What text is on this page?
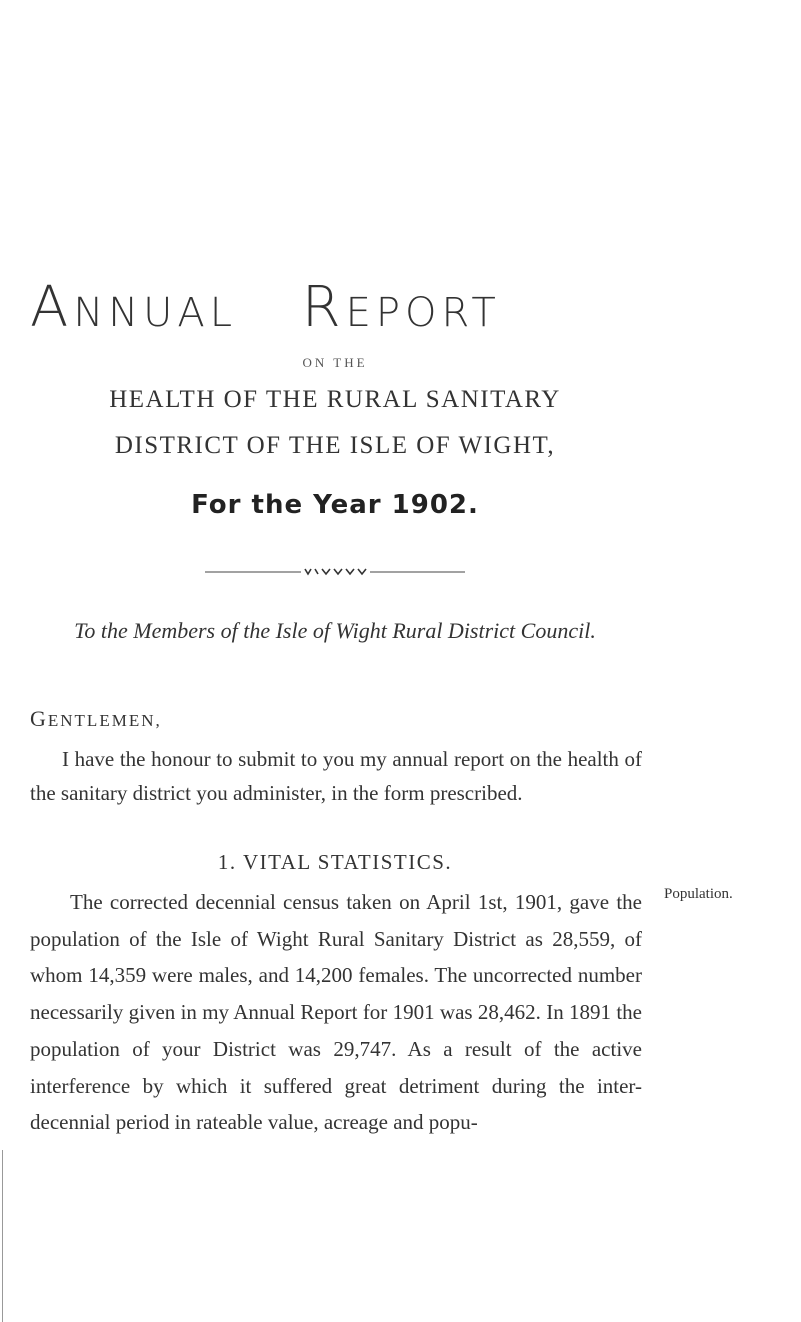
ANNUAL REPORT
ON THE
HEALTH OF THE RURAL SANITARY
DISTRICT OF THE ISLE OF WIGHT,
For the Year 1902.
To the Members of the Isle of Wight Rural District Council.
GENTLEMEN,
I have the honour to submit to you my annual report on the health of the sanitary district you administer, in the form prescribed.
1. VITAL STATISTICS.
The corrected decennial census taken on April 1st, 1901, gave the population of the Isle of Wight Rural Sanitary District as 28,559, of whom 14,359 were males, and 14,200 females. The uncorrected number necessarily given in my Annual Report for 1901 was 28,462. In 1891 the population of your District was 29,747. As a result of the active interference by which it suffered great detriment during the inter-decennial period in rateable value, acreage and popu-
Population.
